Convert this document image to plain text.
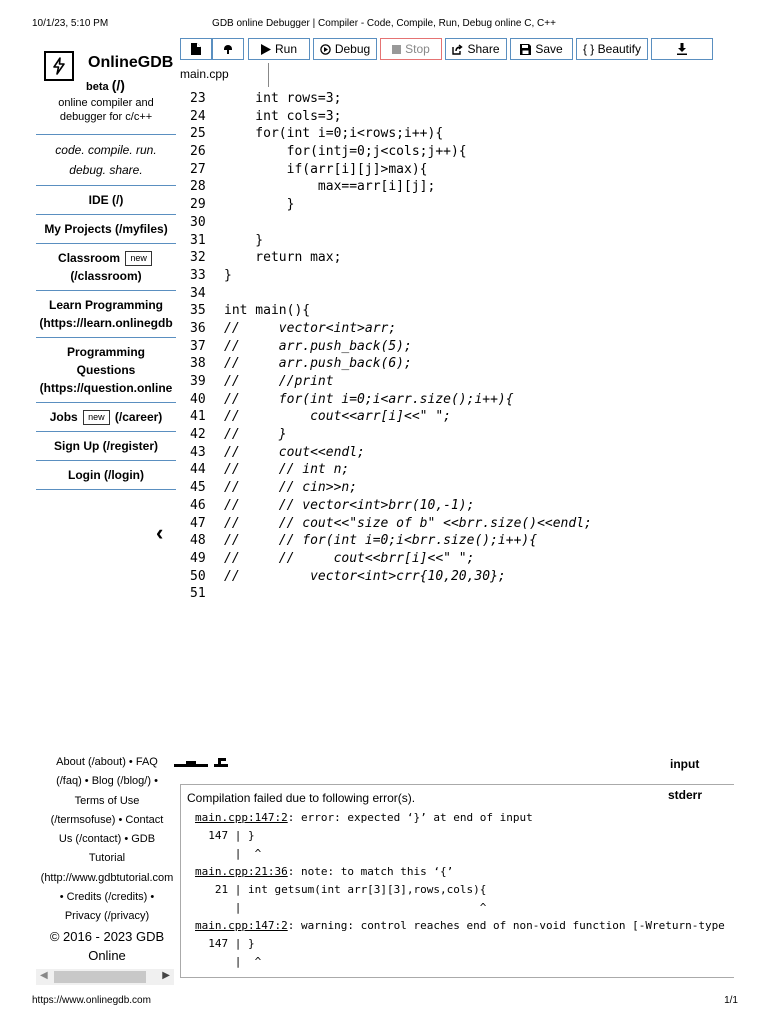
10/1/23, 5:10 PM	GDB online Debugger | Compiler - Code, Compile, Run, Debug online C, C++
OnlineGDB
beta (/)
online compiler and
debugger for c/c++
code. compile. run.
debug. share.
IDE (/)
My Projects (/myfiles)
Classroom new
(/classroom)
Learn Programming
(https://learn.onlinegdb
Programming
Questions
(https://question.online
Jobs new (/career)
Sign Up (/register)
Login (/login)
‹
Run	Debug	Stop	Share	Save { } Beautify
main.cpp
23    int rows=3;
24    int cols=3;
25    for(int i=0;i<rows;i++){
26        for(intj=0;j<cols;j++){
27        if(arr[i][j]>max){
28            max==arr[i][j];
29        }
30
31    }
32    return max;
33 }
34
35 int main(){
36 //     vector<int>arr;
37 //     arr.push_back(5);
38 //     arr.push_back(6);
39 //     //print
40 //     for(int i=0;i<arr.size();i++){
41 //         cout<<arr[i]<<" ";
42 //     }
43 //     cout<<endl;
44 //     // int n;
45 //     // cin>>n;
46 //     // vector<int>brr(10,-1);
47 //     // cout<<"size of b" <<brr.size()<<endl;
48 //     // for(int i=0;i<brr.size();i++){
49 //     //     cout<<brr[i]<<" ";
50 //         vector<int>crr{10,20,30};
51
About (/about) • FAQ
(/faq) • Blog (/blog/) •
Terms of Use
(/termsofuse) • Contact
Us (/contact) • GDB
Tutorial
(http://www.gdbtutorial.com
• Credits (/credits) •
Privacy (/privacy)
© 2016 - 2023 GDB
Online
◀	▶
input
stderr
Compilation failed due to following error(s).
main.cpp:147:2: error: expected ‘}’ at end of input
147 | }
|  ^
main.cpp:21:36: note: to match this ‘{’
21 | int getsum(int arr[3][3],rows,cols){
|                                    ^
main.cpp:147:2: warning: control reaches end of non-void function [-Wreturn-type
147 | }
|  ^
https://www.onlinegdb.com	1/1
